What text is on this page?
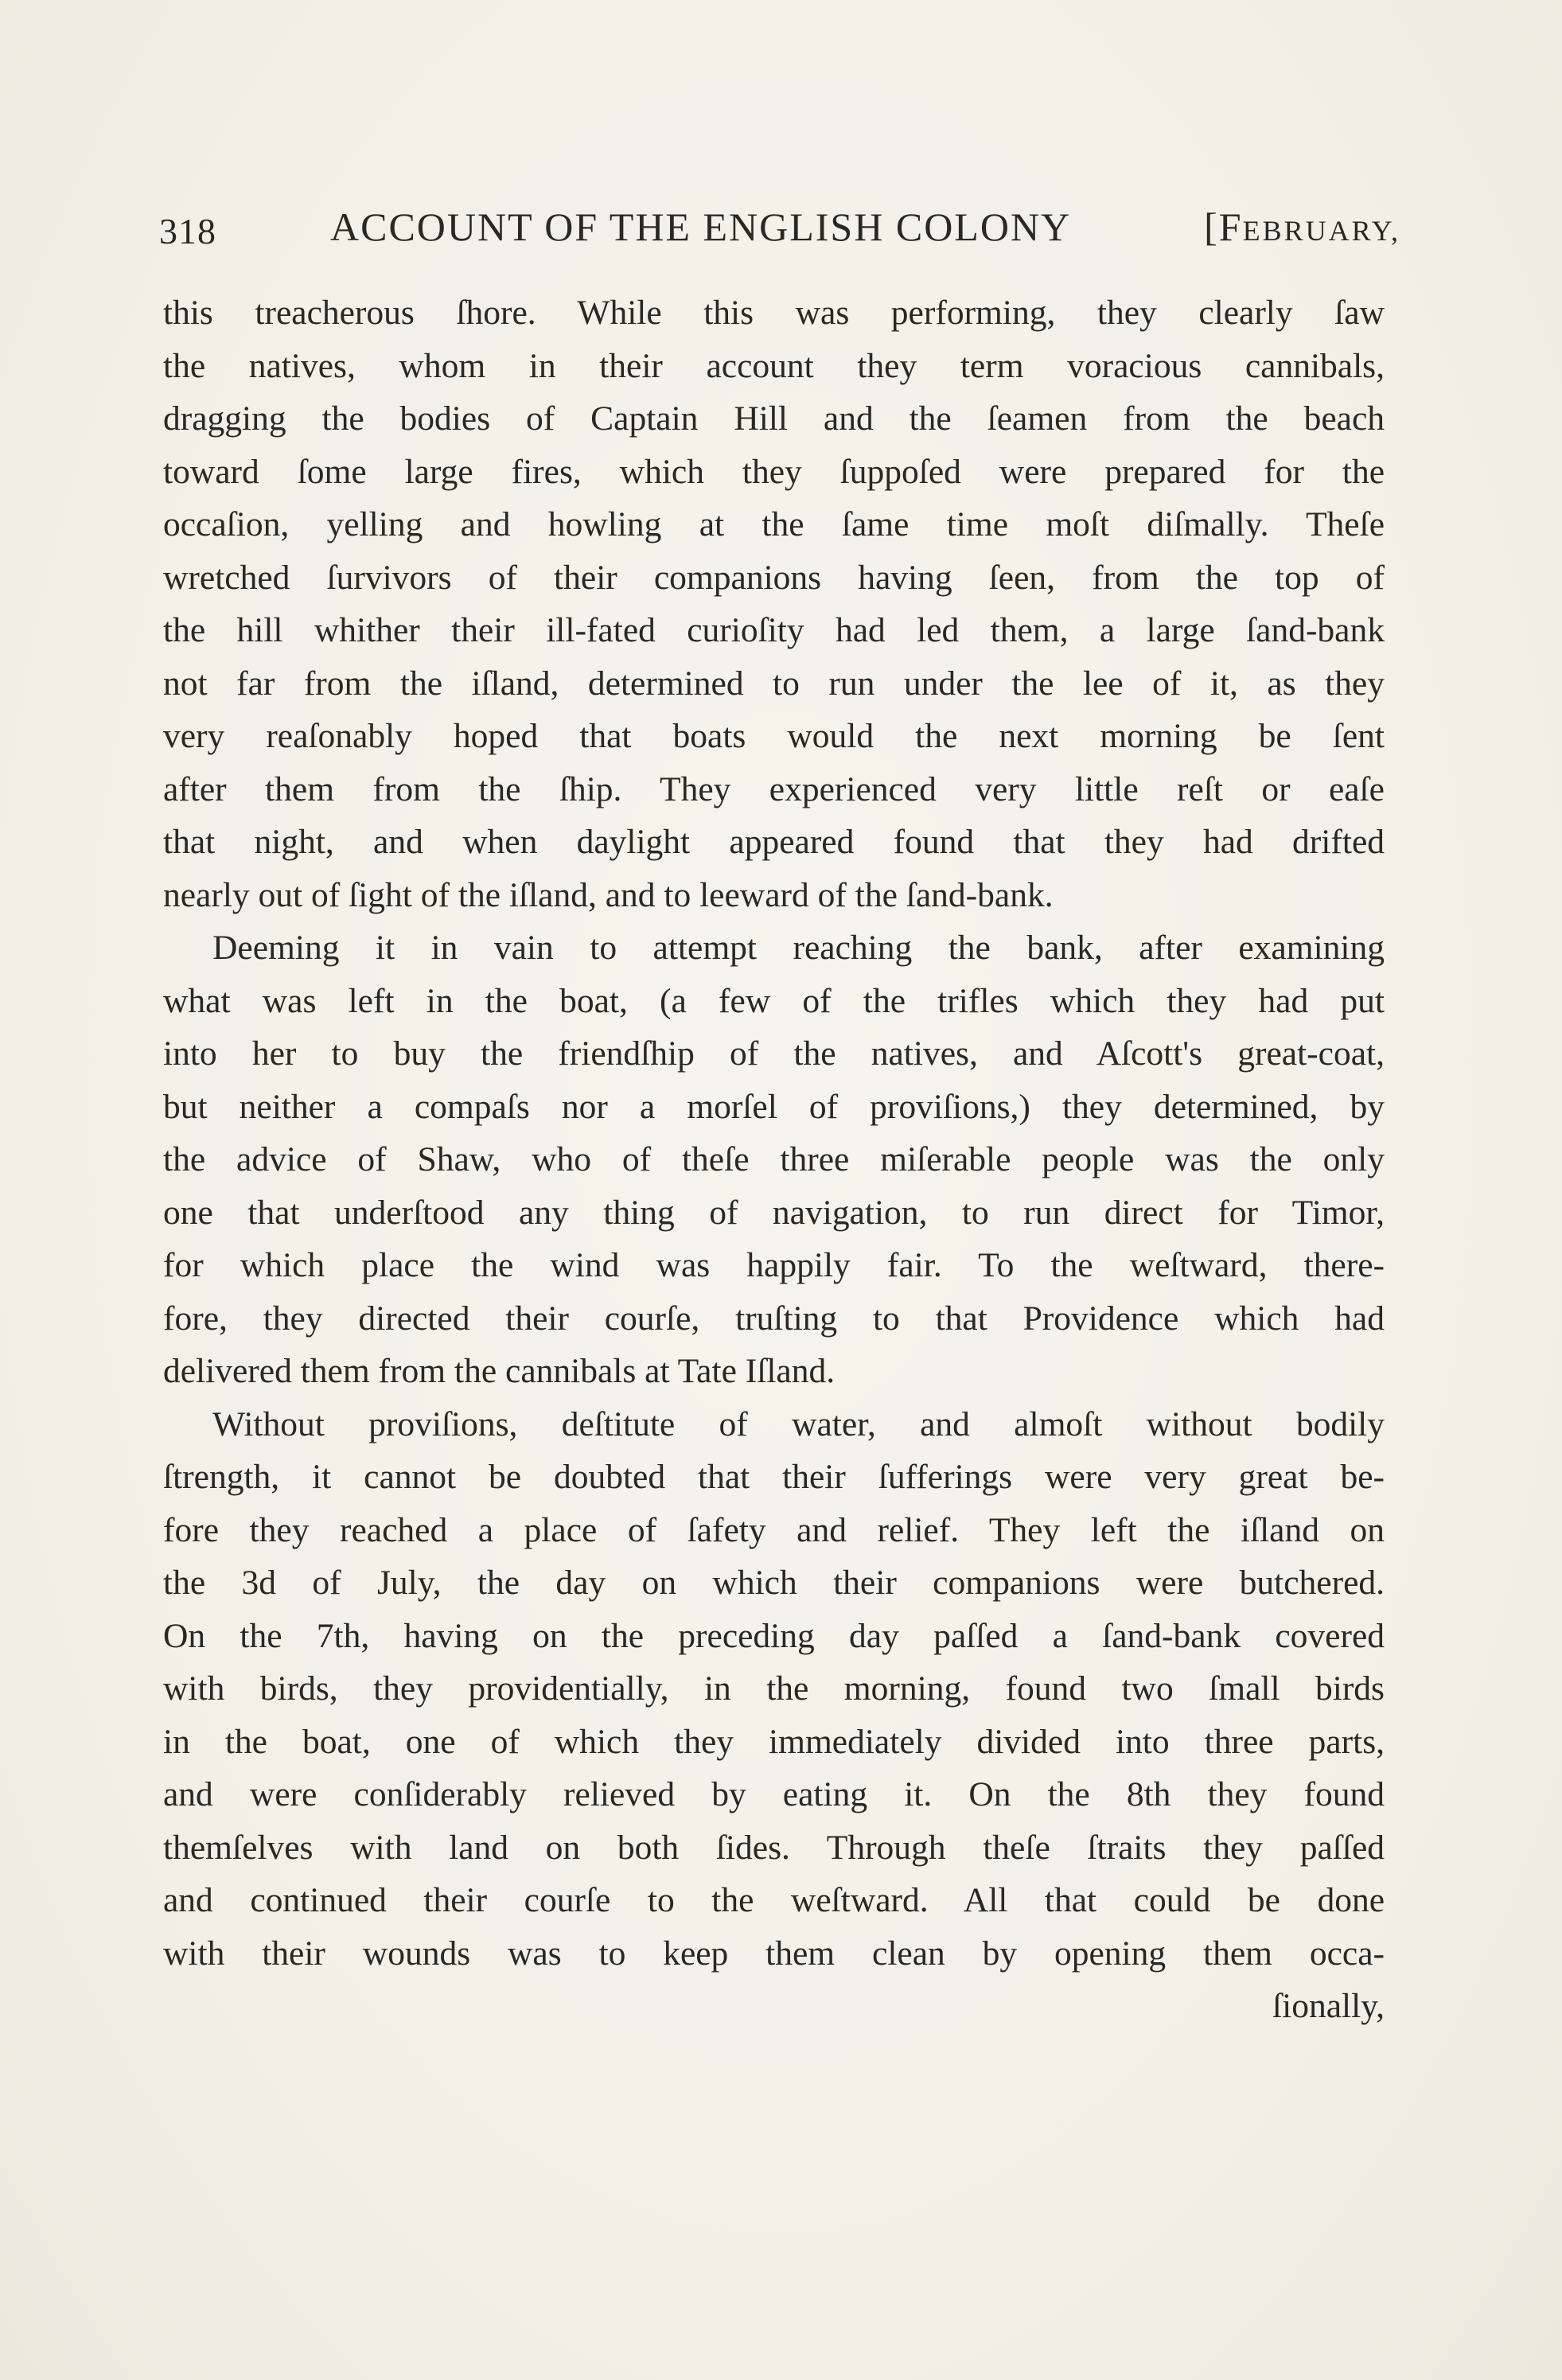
318	ACCOUNT OF THE ENGLISH COLONY	[FEBRUARY,
this treacherous ſhore. While this was performing, they clearly ſaw
the natives, whom in their account they term voracious cannibals,
dragging the bodies of Captain Hill and the ſeamen from the beach
toward ſome large fires, which they ſuppoſed were prepared for the
occaſion, yelling and howling at the ſame time moſt diſmally. Theſe
wretched ſurvivors of their companions having ſeen, from the top of
the hill whither their ill-fated curioſity had led them, a large ſand-bank
not far from the iſland, determined to run under the lee of it, as they
very reaſonably hoped that boats would the next morning be ſent
after them from the ſhip. They experienced very little reſt or eaſe
that night, and when daylight appeared found that they had drifted
nearly out of ſight of the iſland, and to leeward of the ſand-bank.
Deeming it in vain to attempt reaching the bank, after examining
what was left in the boat, (a few of the trifles which they had put
into her to buy the friendſhip of the natives, and Aſcott's great-coat,
but neither a compaſs nor a morſel of proviſions,) they determined, by
the advice of Shaw, who of theſe three miſerable people was the only
one that underſtood any thing of navigation, to run direct for Timor,
for which place the wind was happily fair. To the weſtward, there-
fore, they directed their courſe, truſting to that Providence which had
delivered them from the cannibals at Tate Iſland.
Without proviſions, deſtitute of water, and almoſt without bodily
ſtrength, it cannot be doubted that their ſufferings were very great be-
fore they reached a place of ſafety and relief. They left the iſland on
the 3d of July, the day on which their companions were butchered.
On the 7th, having on the preceding day paſſed a ſand-bank covered
with birds, they providentially, in the morning, found two ſmall birds
in the boat, one of which they immediately divided into three parts,
and were conſiderably relieved by eating it. On the 8th they found
themſelves with land on both ſides. Through theſe ſtraits they paſſed
and continued their courſe to the weſtward. All that could be done
with their wounds was to keep them clean by opening them occa-
ſionally,
